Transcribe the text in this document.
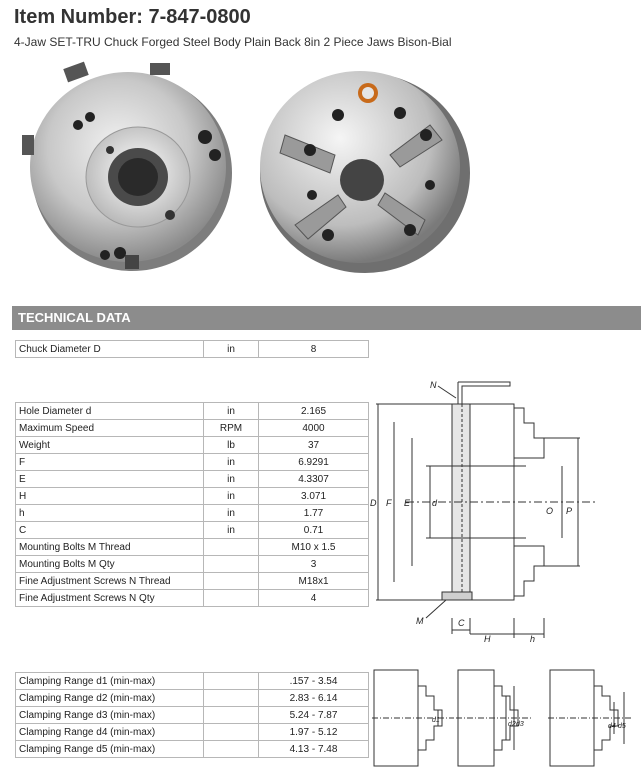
Item Number: 7-847-0800
4-Jaw SET-TRU Chuck Forged Steel Body Plain Back 8in 2 Piece Jaws Bison-Bial
TECHNICAL DATA
Chuck Diameter D	in	8
Hole Diameter d	in	2.165
Maximum Speed	RPM	4000
Weight	lb	37
F	in	6.9291
E	in	4.3307
H	in	3.071
h	in	1.77
C	in	0.71
Mounting Bolts M Thread		M10 x 1.5
Mounting Bolts M Qty		3
Fine Adjustment Screws N Thread		M18x1
Fine Adjustment Screws N Qty		4
Clamping Range d1 (min-max)		.157 - 3.54
Clamping Range d2 (min-max)		2.83 - 6.14
Clamping Range d3 (min-max)		5.24 - 7.87
Clamping Range d4 (min-max)		1.97 - 5.12
Clamping Range d5 (min-max)		4.13 - 7.48
N
D F E d
O P
M	C
H	h
d1
d2 d3	d4 d5
